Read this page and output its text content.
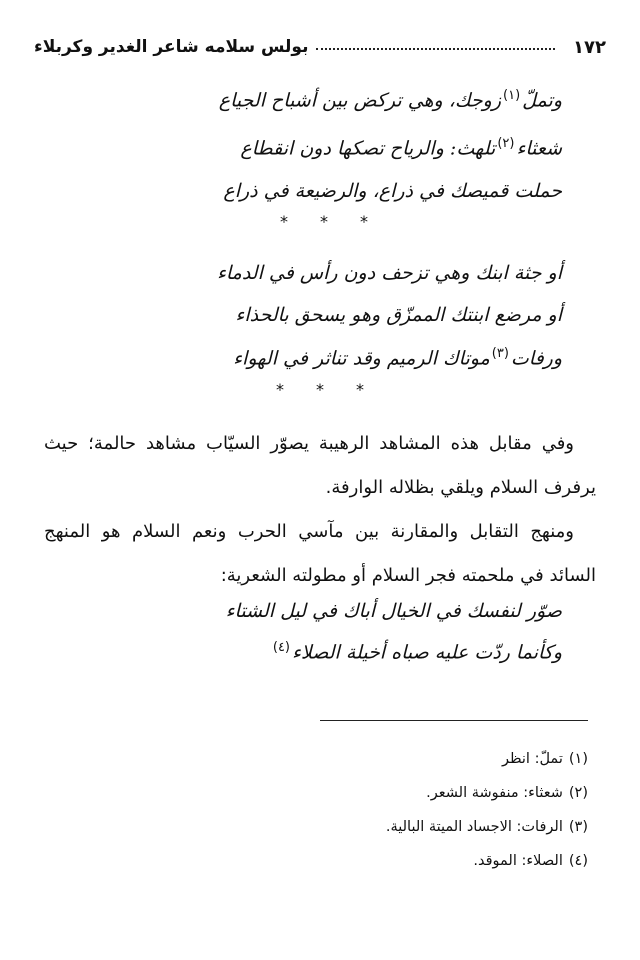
١٧٢
بولس سلامه شاعر الغدير وكربلاء
وتملّ$^{(١)}$زوجك، وهي تركض بين أشباح الجياع
شعثاء$^{(٢)}$تلهث: والرياح تصكها دون انقطاع
حملت قميصك في ذراع، والرضيعة في ذراع
* * *
أو جثة ابنك وهي تزحف دون رأس في الدماء
أو مرضع ابنتك الممزّق وهو يسحق بالحذاء
ورفات$^{(٣)}$موتاك الرميم وقد تناثر في الهواء
* * *

وفي مقابل هذه المشاهد الرهيبة يصوّر السيّاب مشاهد حالمة؛ حيث يرفرف السلام ويلقي بظلاله الوارفة.

ومنهج التقابل والمقارنة بين مآسي الحرب ونعم السلام هو المنهج السائد في ملحمته فجر السلام أو مطولته الشعرية:

صوّر لنفسك في الخيال أباك في ليل الشتاء
وكأنما ردّت عليه صباه أخيلة الصلاء$^{(٤)}$
(١)تملّ: انظر
(٢)شعثاء: منفوشة الشعر.
(٣)الرفات: الاجساد الميتة البالية.
(٤)الصلاء: الموقد.
